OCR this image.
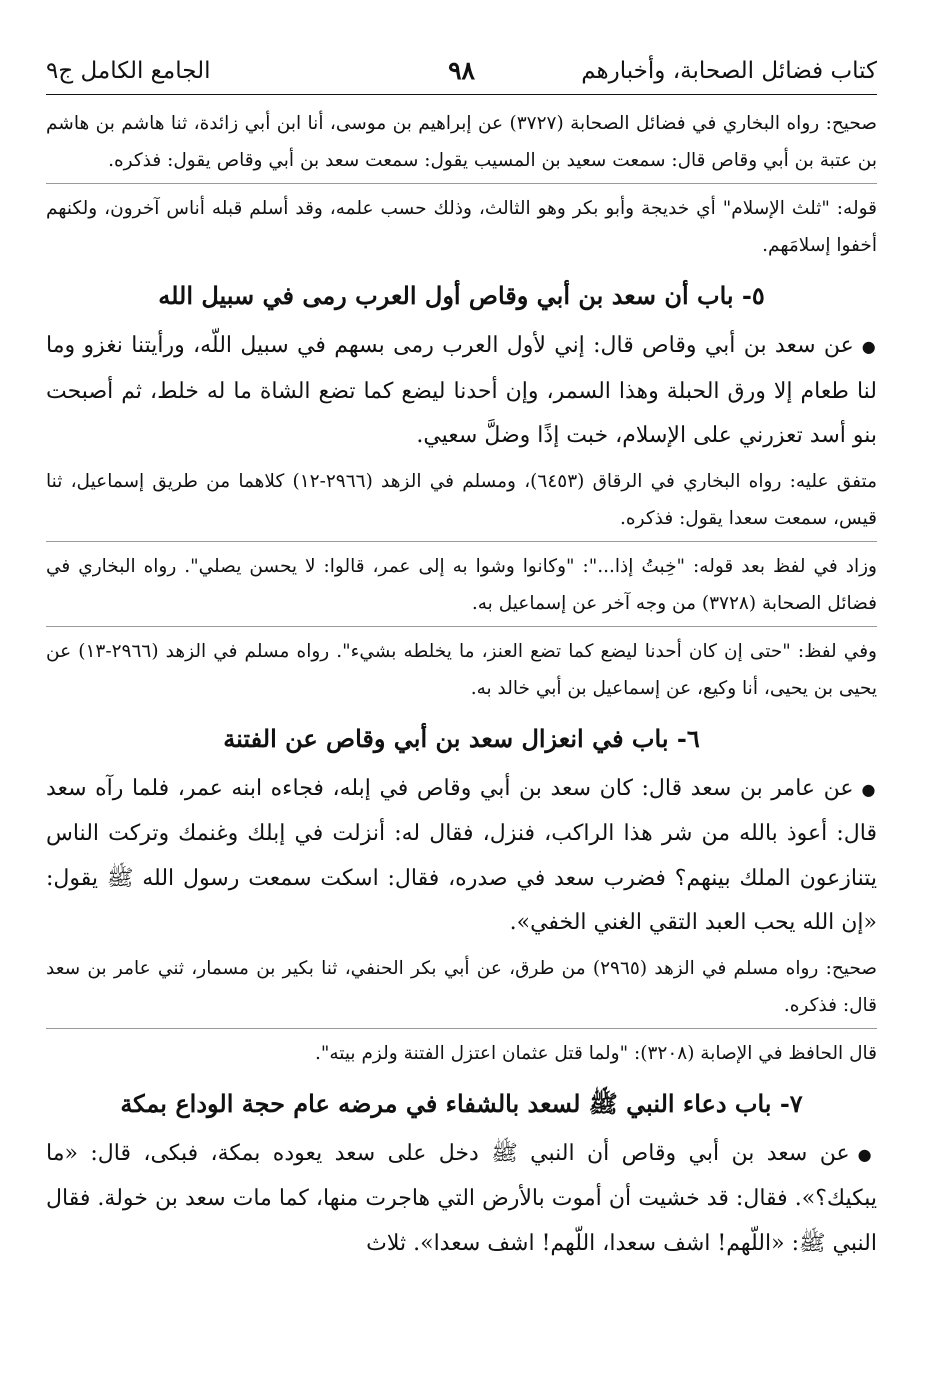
كتاب فضائل الصحابة، وأخبارهم
٩٨
الجامع الكامل ج٩

صحيح: رواه البخاري في فضائل الصحابة (٣٧٢٧) عن إبراهيم بن موسى، أنا ابن أبي زائدة، ثنا هاشم بن هاشم بن عتبة بن أبي وقاص قال: سمعت سعيد بن المسيب يقول: سمعت سعد بن أبي وقاص يقول: فذكره.

قوله: "ثلث الإسلام" أي خديجة وأبو بكر وهو الثالث، وذلك حسب علمه، وقد أسلم قبله أناس آخرون، ولكنهم أخفوا إسلامَهم.

٥- باب أن سعد بن أبي وقاص أول العرب رمى في سبيل الله

●عن سعد بن أبي وقاص قال: إني لأول العرب رمى بسهم في سبيل اللّه، ورأيتنا نغزو وما لنا طعام إلا ورق الحبلة وهذا السمر، وإن أحدنا ليضع كما تضع الشاة ما له خلط، ثم أصبحت بنو أسد تعزرني على الإسلام، خبت إذًا وضلَّ سعيي.

متفق عليه: رواه البخاري في الرقاق (٦٤٥٣)، ومسلم في الزهد (٢٩٦٦-١٢) كلاهما من طريق إسماعيل، ثنا قيس، سمعت سعدا يقول: فذكره.

وزاد في لفظ بعد قوله: "خِبتُ إذا...": "وكانوا وشوا به إلى عمر، قالوا: لا يحسن يصلي". رواه البخاري في فضائل الصحابة (٣٧٢٨) من وجه آخر عن إسماعيل به.

وفي لفظ: "حتى إن كان أحدنا ليضع كما تضع العنز، ما يخلطه بشيء". رواه مسلم في الزهد (٢٩٦٦-١٣) عن يحيى بن يحيى، أنا وكيع، عن إسماعيل بن أبي خالد به.

٦- باب في انعزال سعد بن أبي وقاص عن الفتنة

●عن عامر بن سعد قال: كان سعد بن أبي وقاص في إبله، فجاءه ابنه عمر، فلما رآه سعد قال: أعوذ بالله من شر هذا الراكب، فنزل، فقال له: أنزلت في إبلك وغنمك وتركت الناس يتنازعون الملك بينهم؟ فضرب سعد في صدره، فقال: اسكت سمعت رسول الله ﷺ يقول: «إن الله يحب العبد التقي الغني الخفي».

صحيح: رواه مسلم في الزهد (٢٩٦٥) من طرق، عن أبي بكر الحنفي، ثنا بكير بن مسمار، ثني عامر بن سعد قال: فذكره.

قال الحافظ في الإصابة (٣٢٠٨): "ولما قتل عثمان اعتزل الفتنة ولزم بيته".

٧- باب دعاء النبي ﷺ لسعد بالشفاء في مرضه عام حجة الوداع بمكة

●عن سعد بن أبي وقاص أن النبي ﷺ دخل على سعد يعوده بمكة، فبكى، قال: «ما يبكيك؟». فقال: قد خشيت أن أموت بالأرض التي هاجرت منها، كما مات سعد بن خولة. فقال النبي ﷺ: «اللّهم! اشف سعدا، اللّهم! اشف سعدا». ثلاث
